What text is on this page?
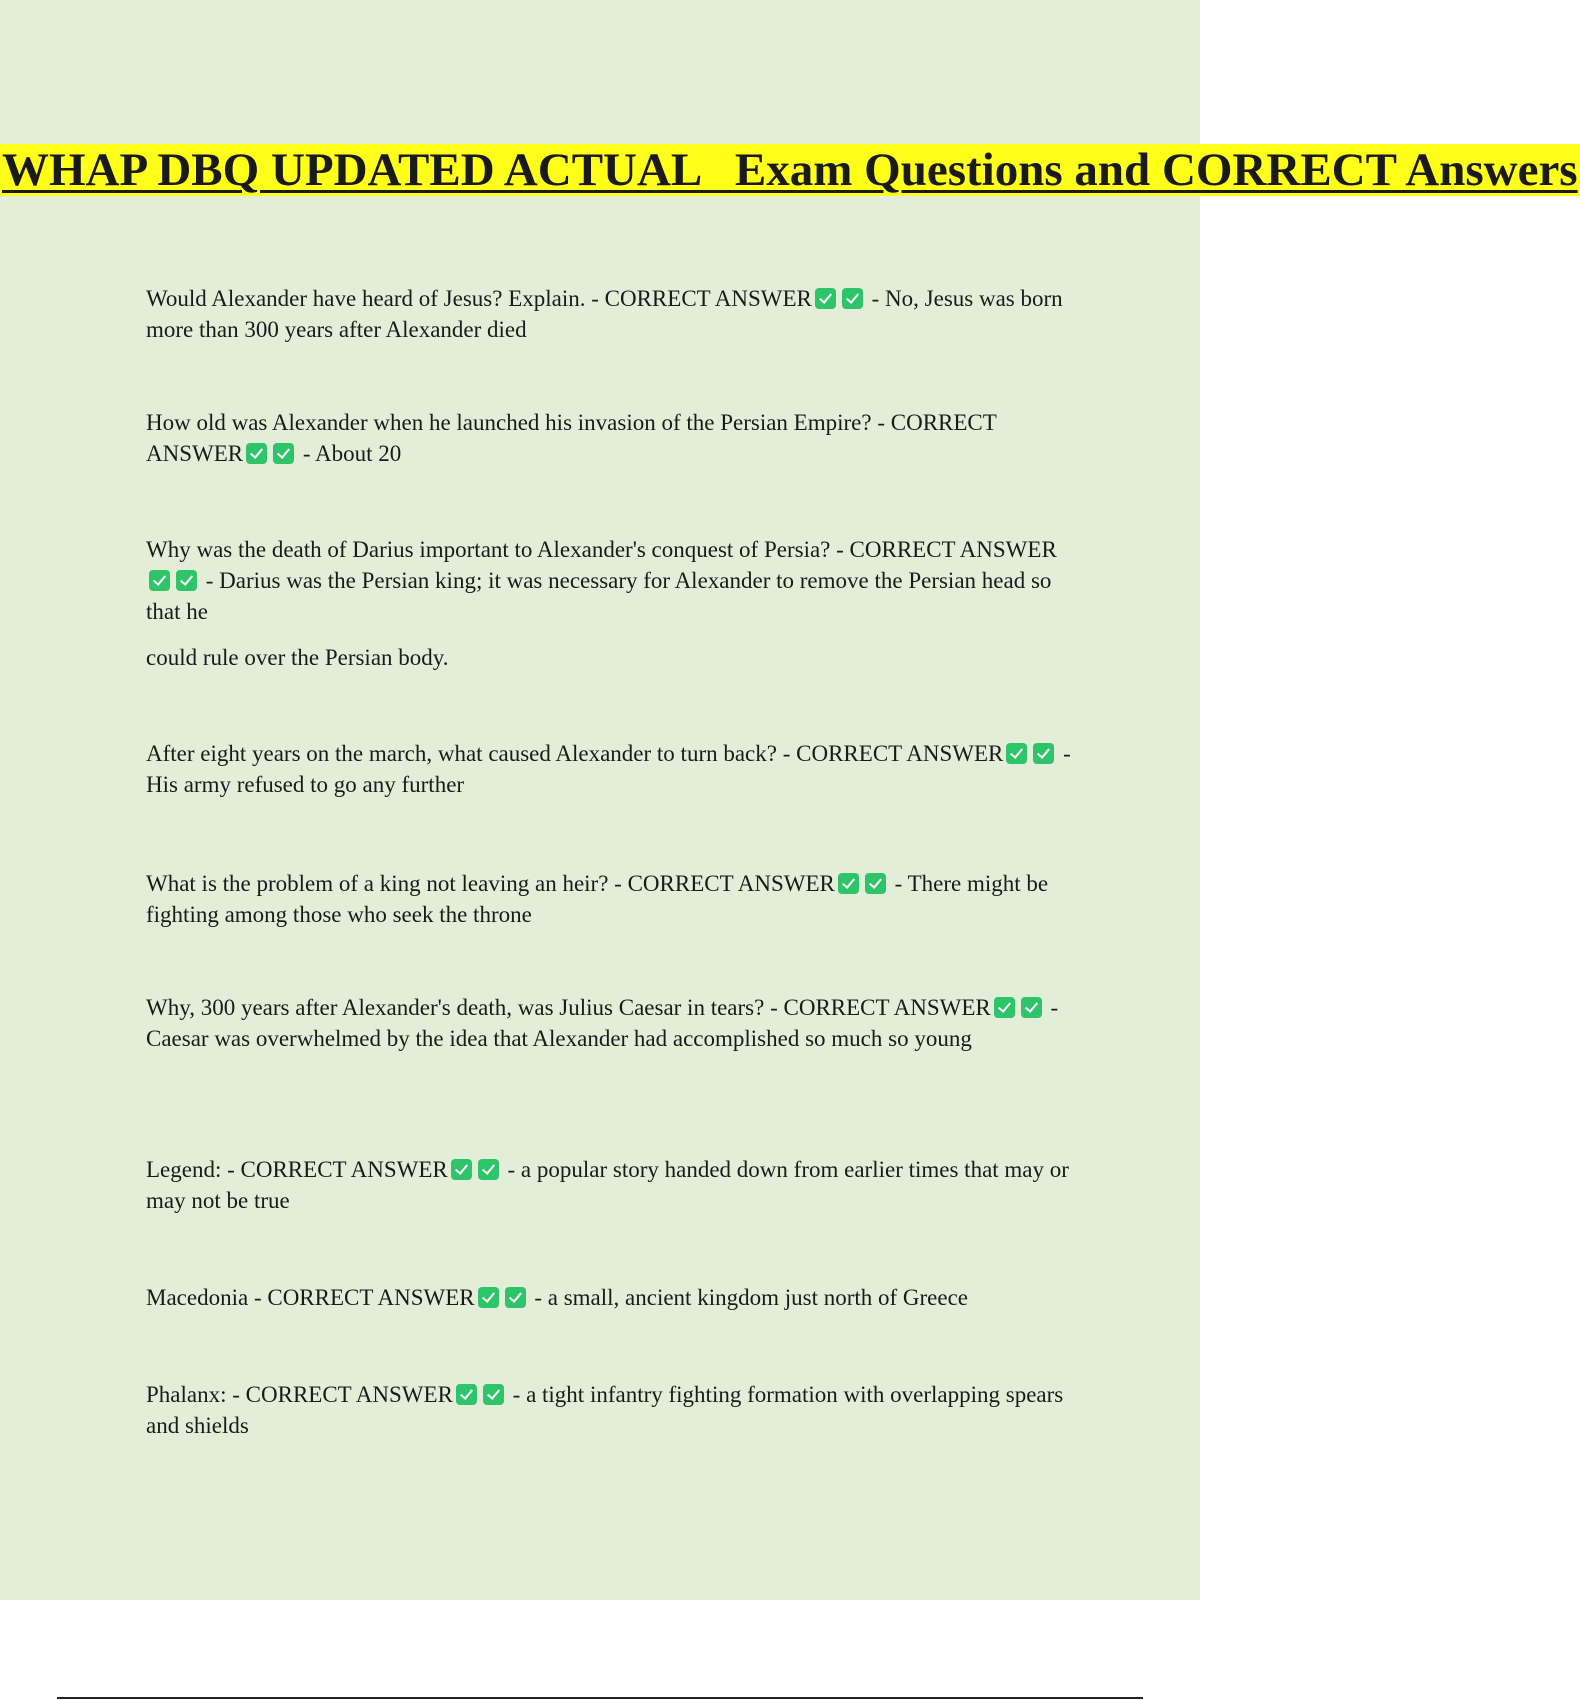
WHAP DBQ UPDATED ACTUAL   Exam Questions and CORRECT Answers

Would Alexander have heard of Jesus? Explain. - CORRECT ANSWER	- No, Jesus was born more than 300 years after Alexander died

How old was Alexander when he launched his invasion of the Persian Empire? - CORRECT ANSWER	- About 20

Why was the death of Darius important to Alexander's conquest of Persia? - CORRECT ANSWER - Darius was the Persian king; it was necessary for Alexander to remove the Persian head so that he

could rule over the Persian body.

After eight years on the march, what caused Alexander to turn back? - CORRECT ANSWER	- His army refused to go any further

What is the problem of a king not leaving an heir? - CORRECT ANSWER	- There might be fighting among those who seek the throne

Why, 300 years after Alexander's death, was Julius Caesar in tears? - CORRECT ANSWER	- Caesar was overwhelmed by the idea that Alexander had accomplished so much so young

Legend: - CORRECT ANSWER	- a popular story handed down from earlier times that may or may not be true

Macedonia - CORRECT ANSWER	- a small, ancient kingdom just north of Greece

Phalanx: - CORRECT ANSWER	- a tight infantry fighting formation with overlapping spears and shields
